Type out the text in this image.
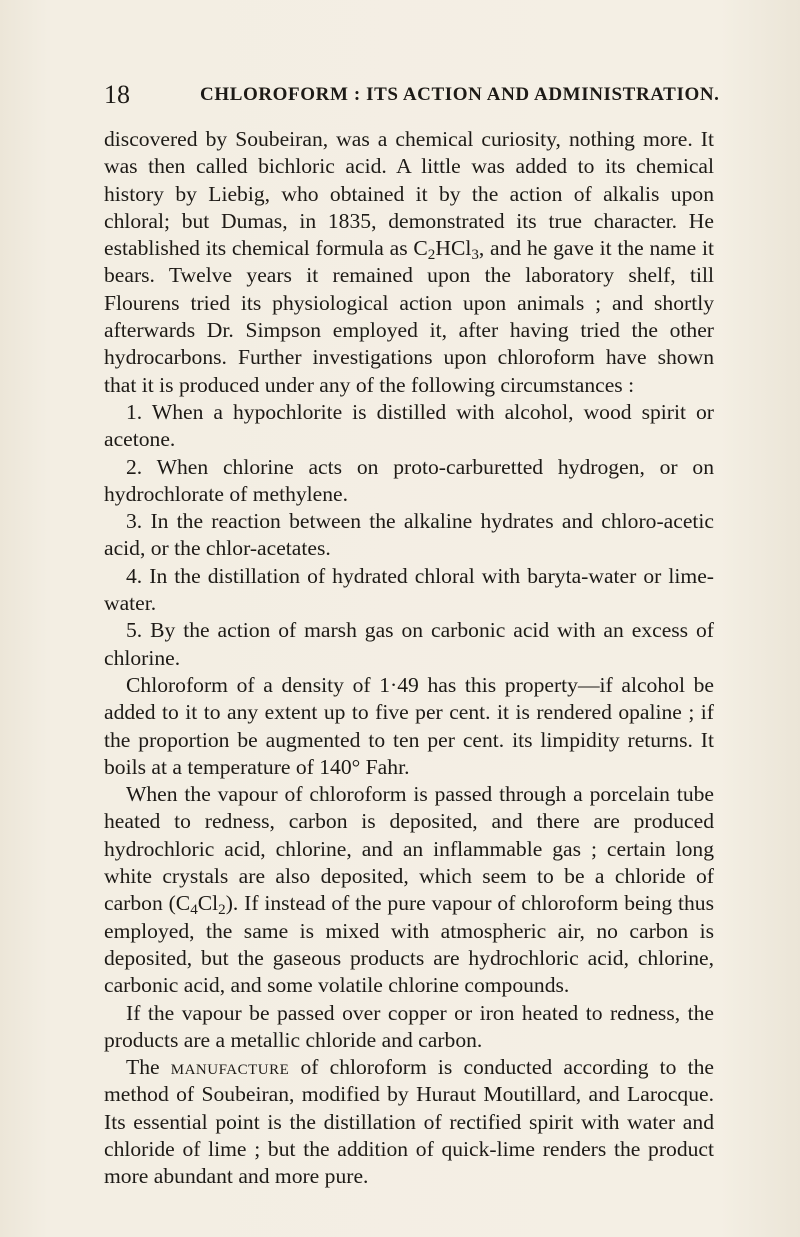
18	CHLOROFORM : ITS ACTION AND ADMINISTRATION.

discovered by Soubeiran, was a chemical curiosity, nothing more. It was then called bichloric acid. A little was added to its chemical history by Liebig, who obtained it by the action of alkalis upon chloral; but Dumas, in 1835, demonstrated its true character. He established its chemical formula as $C_2HCl_3$, and he gave it the name it bears. Twelve years it remained upon the laboratory shelf, till Flourens tried its physiological action upon animals ; and shortly afterwards Dr. Simpson employed it, after having tried the other hydrocarbons. Further investigations upon chloroform have shown that it is produced under any of the following circumstances :

1. When a hypochlorite is distilled with alcohol, wood spirit or acetone.

2. When chlorine acts on proto-carburetted hydrogen, or on hydrochlorate of methylene.

3. In the reaction between the alkaline hydrates and chloro-acetic acid, or the chlor-acetates.

4. In the distillation of hydrated chloral with baryta-water or lime-water.

5. By the action of marsh gas on carbonic acid with an excess of chlorine.

Chloroform of a density of 1·49 has this property—if alcohol be added to it to any extent up to five per cent. it is rendered opaline ; if the proportion be augmented to ten per cent. its limpidity returns. It boils at a temperature of 140° Fahr.

When the vapour of chloroform is passed through a porcelain tube heated to redness, carbon is deposited, and there are produced hydrochloric acid, chlorine, and an inflammable gas ; certain long white crystals are also deposited, which seem to be a chloride of carbon $(C_4Cl_2)$. If instead of the pure vapour of chloroform being thus employed, the same is mixed with atmospheric air, no carbon is deposited, but the gaseous products are hydrochloric acid, chlorine, carbonic acid, and some volatile chlorine compounds.

If the vapour be passed over copper or iron heated to redness, the products are a metallic chloride and carbon.

The manufacture of chloroform is conducted according to the method of Soubeiran, modified by Huraut Moutillard, and Larocque. Its essential point is the distillation of rectified spirit with water and chloride of lime ; but the addition of quick-lime renders the product more abundant and more pure.
